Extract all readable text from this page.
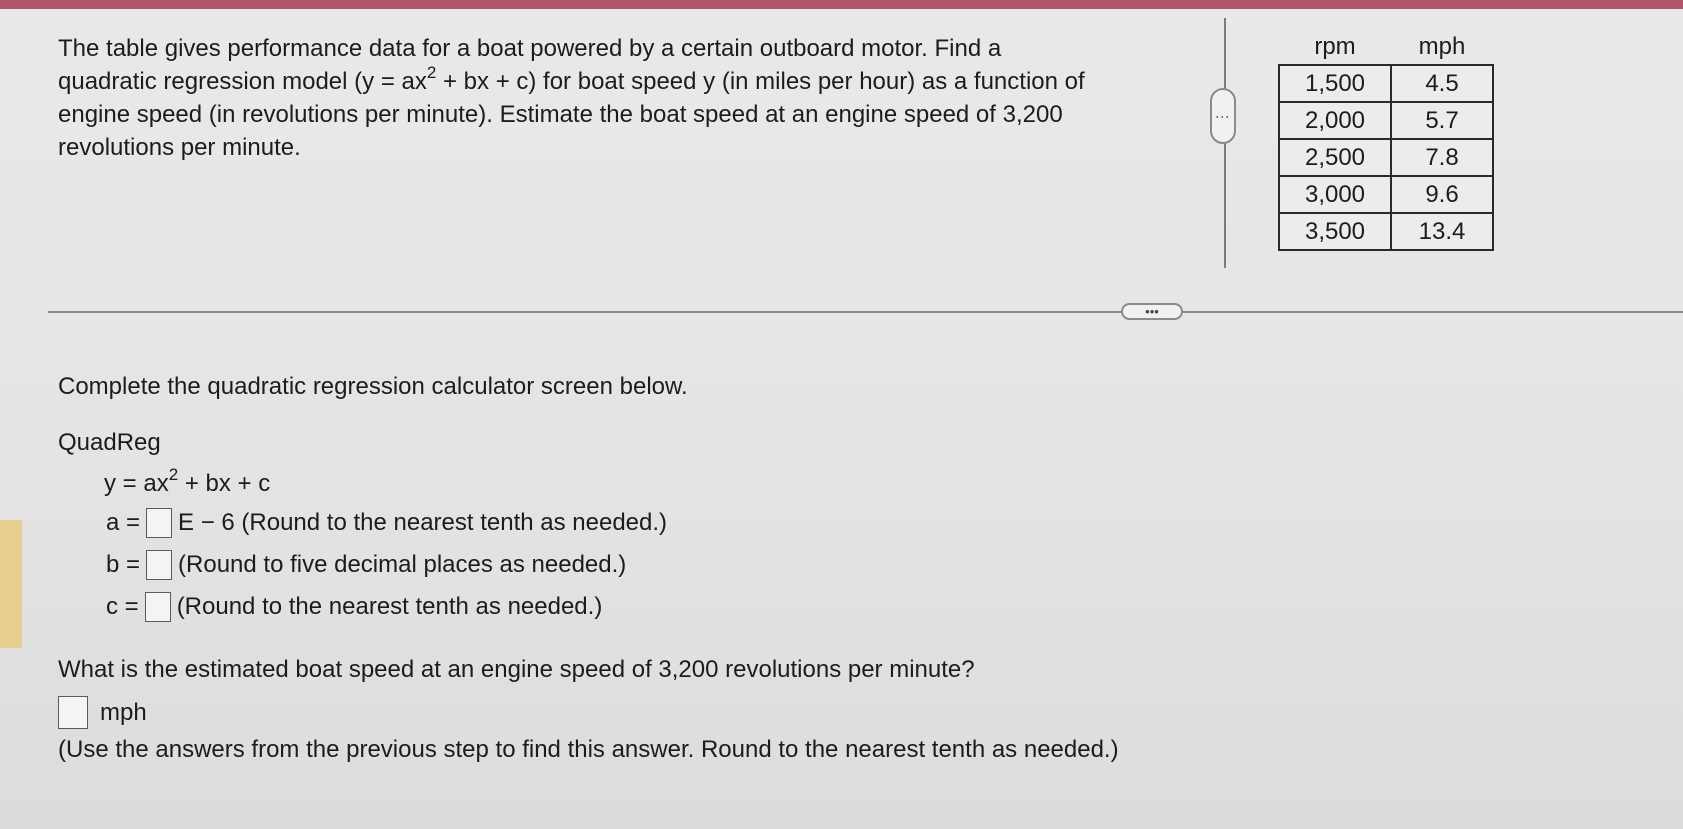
The table gives performance data for a boat powered by a certain outboard motor. Find a
quadratic regression model ($y = ax^2$ + bx + c) for boat speed y (in miles per hour) as a function of
engine speed (in revolutions per minute). Estimate the boat speed at an engine speed of 3,200
revolutions per minute.
⋮
rpm	mph
1,500	4.5
2,000	5.7
2,500	7.8
3,000	9.6
3,500	13.4
•••
Complete the quadratic regression calculator screen below.
QuadReg
$y = ax^2$ + bx + c
a = E − 6 (Round to the nearest tenth as needed.)
b = (Round to five decimal places as needed.)
c = (Round to the nearest tenth as needed.)
What is the estimated boat speed at an engine speed of 3,200 revolutions per minute?
mph
(Use the answers from the previous step to find this answer. Round to the nearest tenth as needed.)
